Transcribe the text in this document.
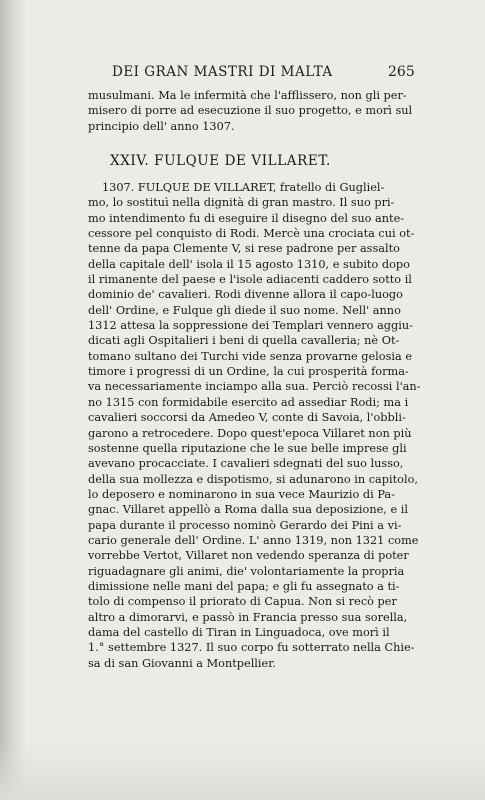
DEI GRAN MASTRI DI MALTA	265
musulmani. Ma le infermità che l'afflissero, non gli per-
misero di porre ad esecuzione il suo progetto, e morì sul
principio dell' anno 1307.
XXIV. FULQUE DE VILLARET.
1307. FULQUE DE VILLARET, fratello di Gugliel-
mo, lo sostituì nella dignità di gran mastro. Il suo pri-
mo intendimento fu di eseguire il disegno del suo ante-
cessore pel conquisto di Rodi. Mercè una crociata cui ot-
tenne da papa Clemente V, si rese padrone per assalto
della capitale dell' isola il 15 agosto 1310, e subito dopo
il rimanente del paese e l'isole adiacenti caddero sotto il
dominio de' cavalieri. Rodi divenne allora il capo-luogo
dell' Ordine, e Fulque gli diede il suo nome. Nell' anno
1312 attesa la soppressione dei Templari vennero aggiu-
dicati agli Ospitalieri i beni di quella cavalleria; nè Ot-
tomano sultano dei Turchi vide senza provarne gelosia e
timore i progressi di un Ordine, la cui prosperità forma-
va necessariamente inciampo alla sua. Perciò recossi l'an-
no 1315 con formidabile esercito ad assediar Rodi; ma i
cavalieri soccorsi da Amedeo V, conte di Savoia, l'obbli-
garono a retrocedere. Dopo quest'epoca Villaret non più
sostenne quella riputazione che le sue belle imprese gli
avevano procacciate. I cavalieri sdegnati del suo lusso,
della sua mollezza e dispotismo, si adunarono in capitolo,
lo deposero e nominarono in sua vece Maurizio di Pa-
gnac. Villaret appellò a Roma dalla sua deposizione, e il
papa durante il processo nominò Gerardo dei Pini a vi-
cario generale dell' Ordine. L' anno 1319, non 1321 come
vorrebbe Vertot, Villaret non vedendo speranza di poter
riguadagnare gli animi, die' volontariamente la propria
dimissione nelle mani del papa; e gli fu assegnato a ti-
tolo di compenso il priorato di Capua. Non si recò per
altro a dimorarvi, e passò in Francia presso sua sorella,
dama del castello di Tiran in Linguadoca, ove morì il
1.° settembre 1327. Il suo corpo fu sotterrato nella Chie-
sa di san Giovanni a Montpellier.
